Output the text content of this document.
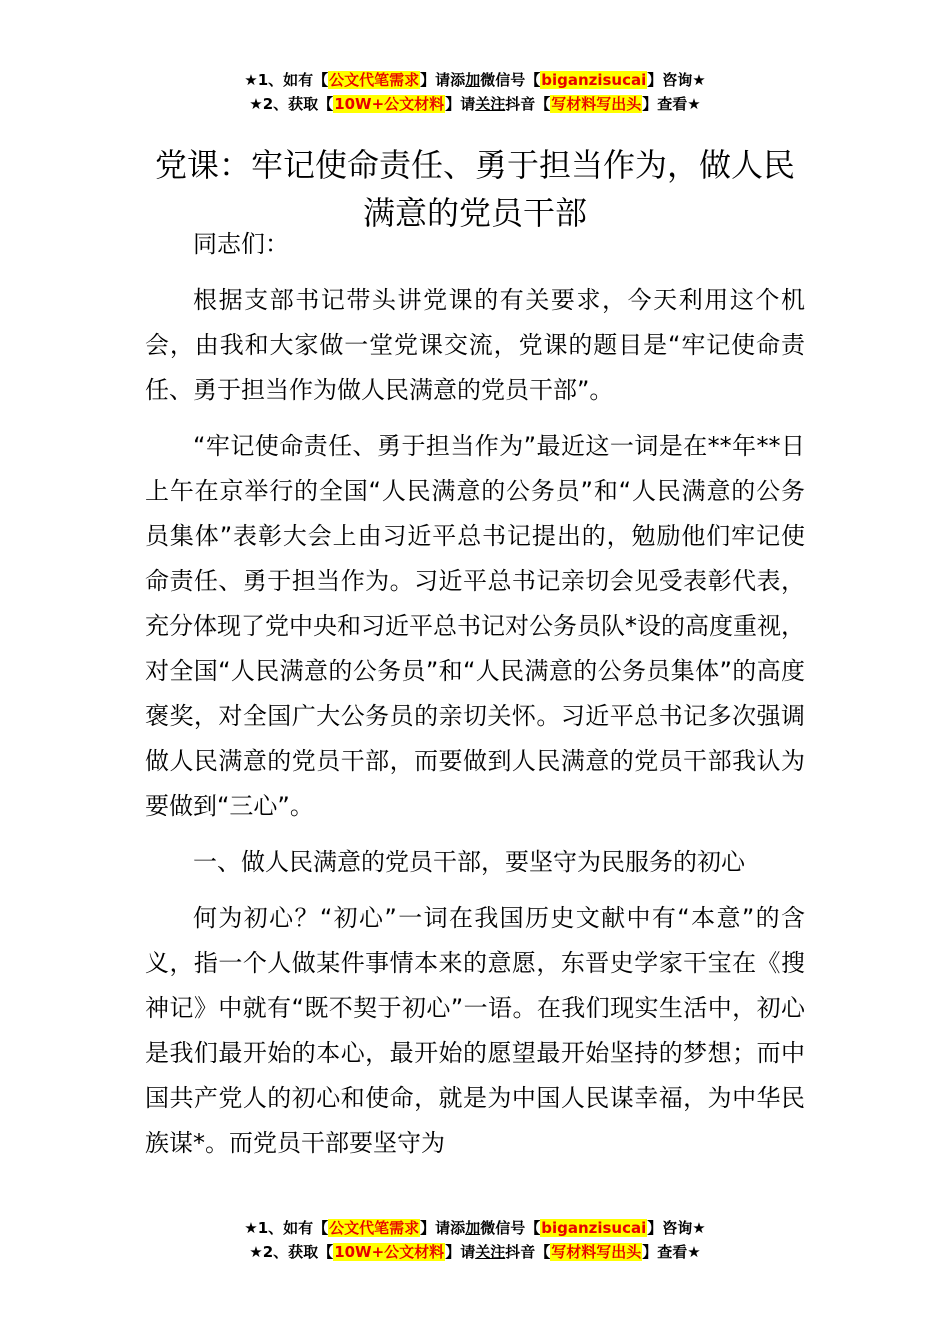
★1、如有【公文代笔需求】请添加微信号【biganzisucai】咨询★
★2、获取【10W+公文材料】请关注抖音【写材料写出头】查看★
党课：牢记使命责任、勇于担当作为，做人民满意的党员干部

同志们：

根据支部书记带头讲党课的有关要求，今天利用这个机会，由我和大家做一堂党课交流，党课的题目是“牢记使命责任、勇于担当作为做人民满意的党员干部”。

“牢记使命责任、勇于担当作为”最近这一词是在**年**日上午在京举行的全国“人民满意的公务员”和“人民满意的公务员集体”表彰大会上由习近平总书记提出的，勉励他们牢记使命责任、勇于担当作为。习近平总书记亲切会见受表彰代表，充分体现了党中央和习近平总书记对公务员队*设的高度重视，对全国“人民满意的公务员”和“人民满意的公务员集体”的高度褒奖，对全国广大公务员的亲切关怀。习近平总书记多次强调做人民满意的党员干部，而要做到人民满意的党员干部我认为要做到“三心”。

一、做人民满意的党员干部，要坚守为民服务的初心

何为初心？“初心”一词在我国历史文献中有“本意”的含义，指一个人做某件事情本来的意愿，东晋史学家干宝在《搜神记》中就有“既不契于初心”一语。在我们现实生活中，初心是我们最开始的本心，最开始的愿望最开始坚持的梦想；而中国共产党人的初心和使命，就是为中国人民谋幸福，为中华民族谋*。而党员干部要坚守为

★1、如有【公文代笔需求】请添加微信号【biganzisucai】咨询★
★2、获取【10W+公文材料】请关注抖音【写材料写出头】查看★
